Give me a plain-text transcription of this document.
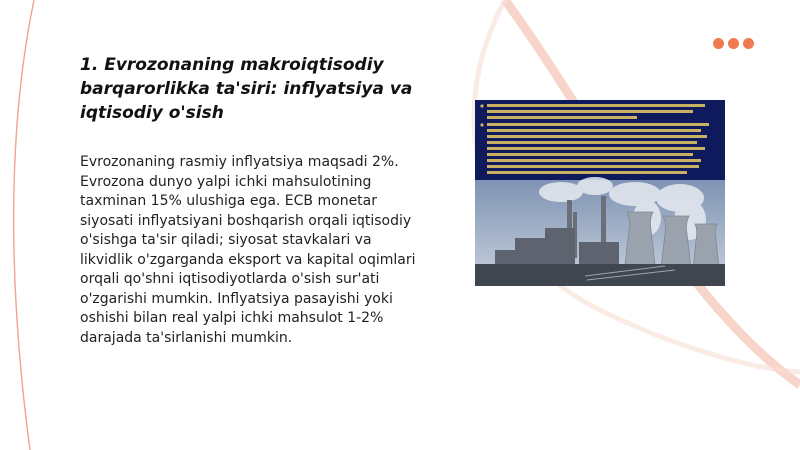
1. Evrozonaning makroiqtisodiy barqarorlikka ta'siri: inflyatsiya va iqtisodiy o'sish

Evrozonaning rasmiy inflyatsiya maqsadi 2%. Evrozona dunyo yalpi ichki mahsulotining taxminan 15% ulushiga ega. ECB monetar siyosati inflyatsiyani boshqarish orqali iqtisodiy o'sishga ta'sir qiladi; siyosat stavkalari va likvidlik o'zgarganda eksport va kapital oqimlari orqali qo'shni iqtisodiyotlarda o'sish sur'ati o'zgarishi mumkin. Inflyatsiya pasayishi yoki oshishi bilan real yalpi ichki mahsulot 1-2% darajada ta'sirlanishi mumkin.
